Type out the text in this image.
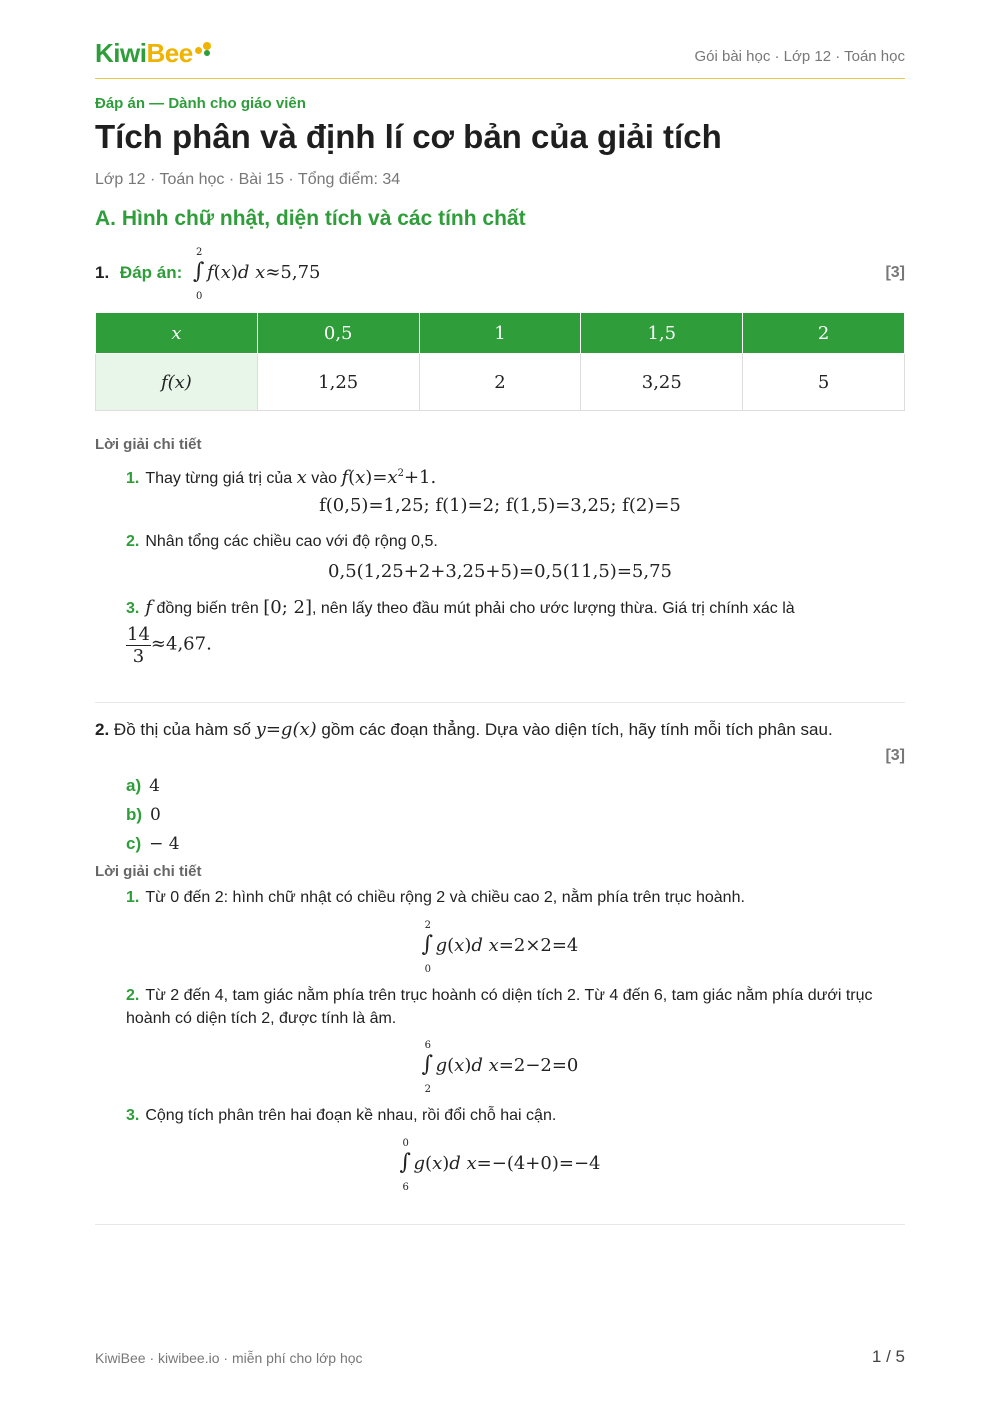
KiwiBee	Gói bài học · Lớp 12 · Toán học
Đáp án — Dành cho giáo viên
Tích phân và định lí cơ bản của giải tích
Lớp 12 · Toán học · Bài 15 · Tổng điểm: 34
A. Hình chữ nhật, diện tích và các tính chất
1. Đáp án: ∫
2
0
f(x)d x≈5,75	[3]
x	0,5	1	1,5	2
f(x)	1,25	2	3,25	5
Lời giải chi tiết
1. Thay từng giá trị của x vào $f(x)=x^2+1$.
f(0,5)=1,25; f(1)=2; f(1,5)=3,25; f(2)=5
2. Nhân tổng các chiều cao với độ rộng 0,5.
0,5(1,25+2+3,25+5)=0,5(11,5)=5,75
3. f đồng biến trên [0; 2], nên lấy theo đầu mút phải cho ước lượng thừa. Giá trị chính xác là
$\frac{14}{3} \approx 4,67$.
2. Đồ thị của hàm số y=g(x) gồm các đoạn thẳng. Dựa vào diện tích, hãy tính mỗi tích phân sau.
[3]
a) 4
b) 0
c) − 4
Lời giải chi tiết
1. Từ 0 đến 2: hình chữ nhật có chiều rộng 2 và chiều cao 2, nằm phía trên trục hoành.
∫
2
0
g(x)d x=2×2=4
2. Từ 2 đến 4, tam giác nằm phía trên trục hoành có diện tích 2. Từ 4 đến 6, tam giác nằm phía dưới trục hoành có diện tích 2, được tính là âm.
∫
6
2
g(x)d x=2−2=0
3. Cộng tích phân trên hai đoạn kề nhau, rồi đổi chỗ hai cận.
∫
0
6
g(x)d x=−(4+0)=−4
KiwiBee · kiwibee.io · miễn phí cho lớp học	1 / 5
